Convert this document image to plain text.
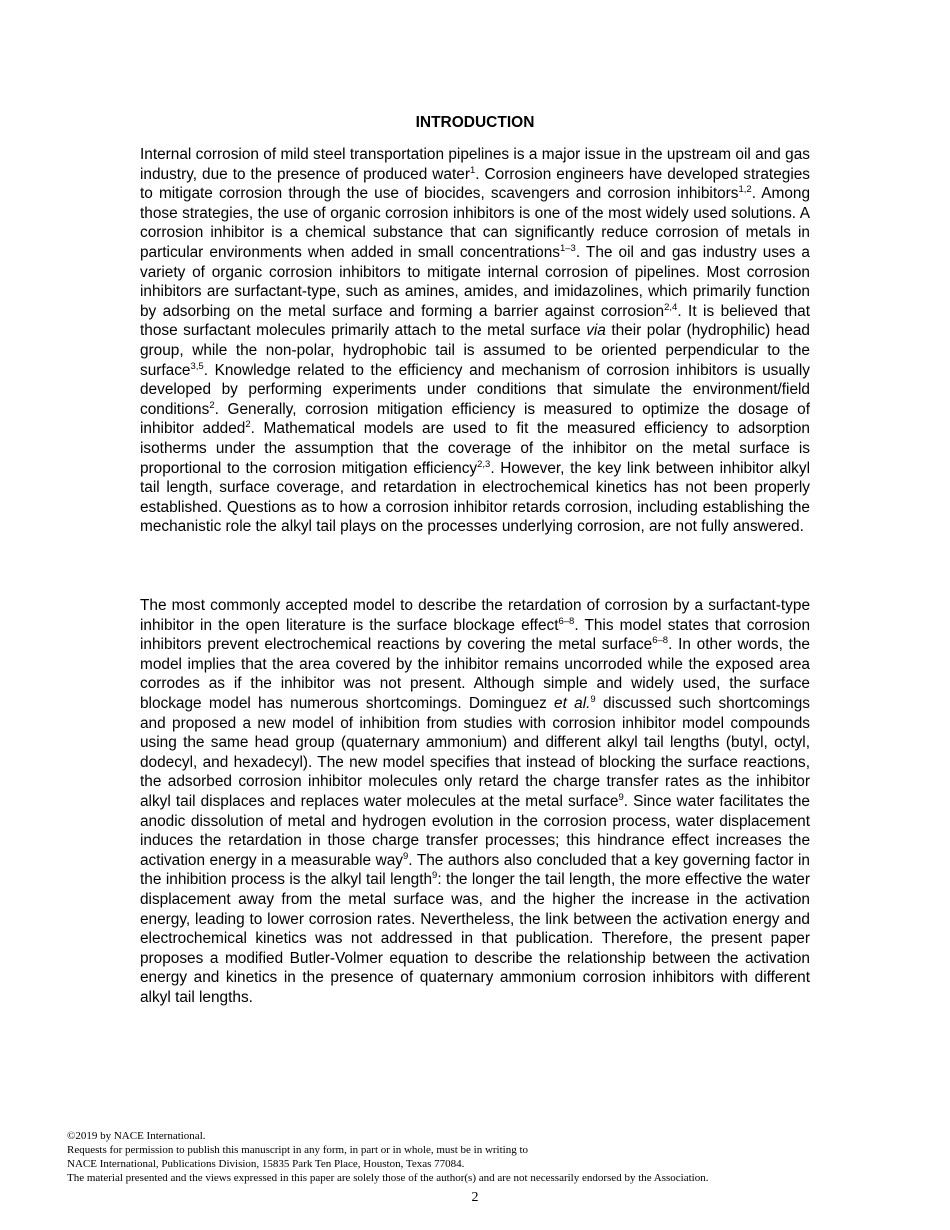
INTRODUCTION

Internal corrosion of mild steel transportation pipelines is a major issue in the upstream oil and gas industry, due to the presence of produced water$^1$. Corrosion engineers have developed strategies to mitigate corrosion through the use of biocides, scavengers and corrosion inhibitors$^{1,2}$. Among those strategies, the use of organic corrosion inhibitors is one of the most widely used solutions. A corrosion inhibitor is a chemical substance that can significantly reduce corrosion of metals in particular environments when added in small concentrations$^{1-3}$. The oil and gas industry uses a variety of organic corrosion inhibitors to mitigate internal corrosion of pipelines. Most corrosion inhibitors are surfactant-type, such as amines, amides, and imidazolines, which primarily function by adsorbing on the metal surface and forming a barrier against corrosion$^{2,4}$. It is believed that those surfactant molecules primarily attach to the metal surface via their polar (hydrophilic) head group, while the non-polar, hydrophobic tail is assumed to be oriented perpendicular to the surface$^{3,5}$. Knowledge related to the efficiency and mechanism of corrosion inhibitors is usually developed by performing experiments under conditions that simulate the environment/field conditions$^2$. Generally, corrosion mitigation efficiency is measured to optimize the dosage of inhibitor added$^2$. Mathematical models are used to fit the measured efficiency to adsorption isotherms under the assumption that the coverage of the inhibitor on the metal surface is proportional to the corrosion mitigation efficiency$^{2,3}$. However, the key link between inhibitor alkyl tail length, surface coverage, and retardation in electrochemical kinetics has not been properly established. Questions as to how a corrosion inhibitor retards corrosion, including establishing the mechanistic role the alkyl tail plays on the processes underlying corrosion, are not fully answered.

The most commonly accepted model to describe the retardation of corrosion by a surfactant-type inhibitor in the open literature is the surface blockage effect$^{6-8}$. This model states that corrosion inhibitors prevent electrochemical reactions by covering the metal surface$^{6-8}$. In other words, the model implies that the area covered by the inhibitor remains uncorroded while the exposed area corrodes as if the inhibitor was not present. Although simple and widely used, the surface blockage model has numerous shortcomings. Dominguez et al.$^9$ discussed such shortcomings and proposed a new model of inhibition from studies with corrosion inhibitor model compounds using the same head group (quaternary ammonium) and different alkyl tail lengths (butyl, octyl, dodecyl, and hexadecyl). The new model specifies that instead of blocking the surface reactions, the adsorbed corrosion inhibitor molecules only retard the charge transfer rates as the inhibitor alkyl tail displaces and replaces water molecules at the metal surface$^9$. Since water facilitates the anodic dissolution of metal and hydrogen evolution in the corrosion process, water displacement induces the retardation in those charge transfer processes; this hindrance effect increases the activation energy in a measurable way$^9$. The authors also concluded that a key governing factor in the inhibition process is the alkyl tail length$^9$: the longer the tail length, the more effective the water displacement away from the metal surface was, and the higher the increase in the activation energy, leading to lower corrosion rates. Nevertheless, the link between the activation energy and electrochemical kinetics was not addressed in that publication. Therefore, the present paper proposes a modified Butler-Volmer equation to describe the relationship between the activation energy and kinetics in the presence of quaternary ammonium corrosion inhibitors with different alkyl tail lengths.

©2019 by NACE International.
Requests for permission to publish this manuscript in any form, in part or in whole, must be in writing to
NACE International, Publications Division, 15835 Park Ten Place, Houston, Texas 77084.
The material presented and the views expressed in this paper are solely those of the author(s) and are not necessarily endorsed by the Association.
2
